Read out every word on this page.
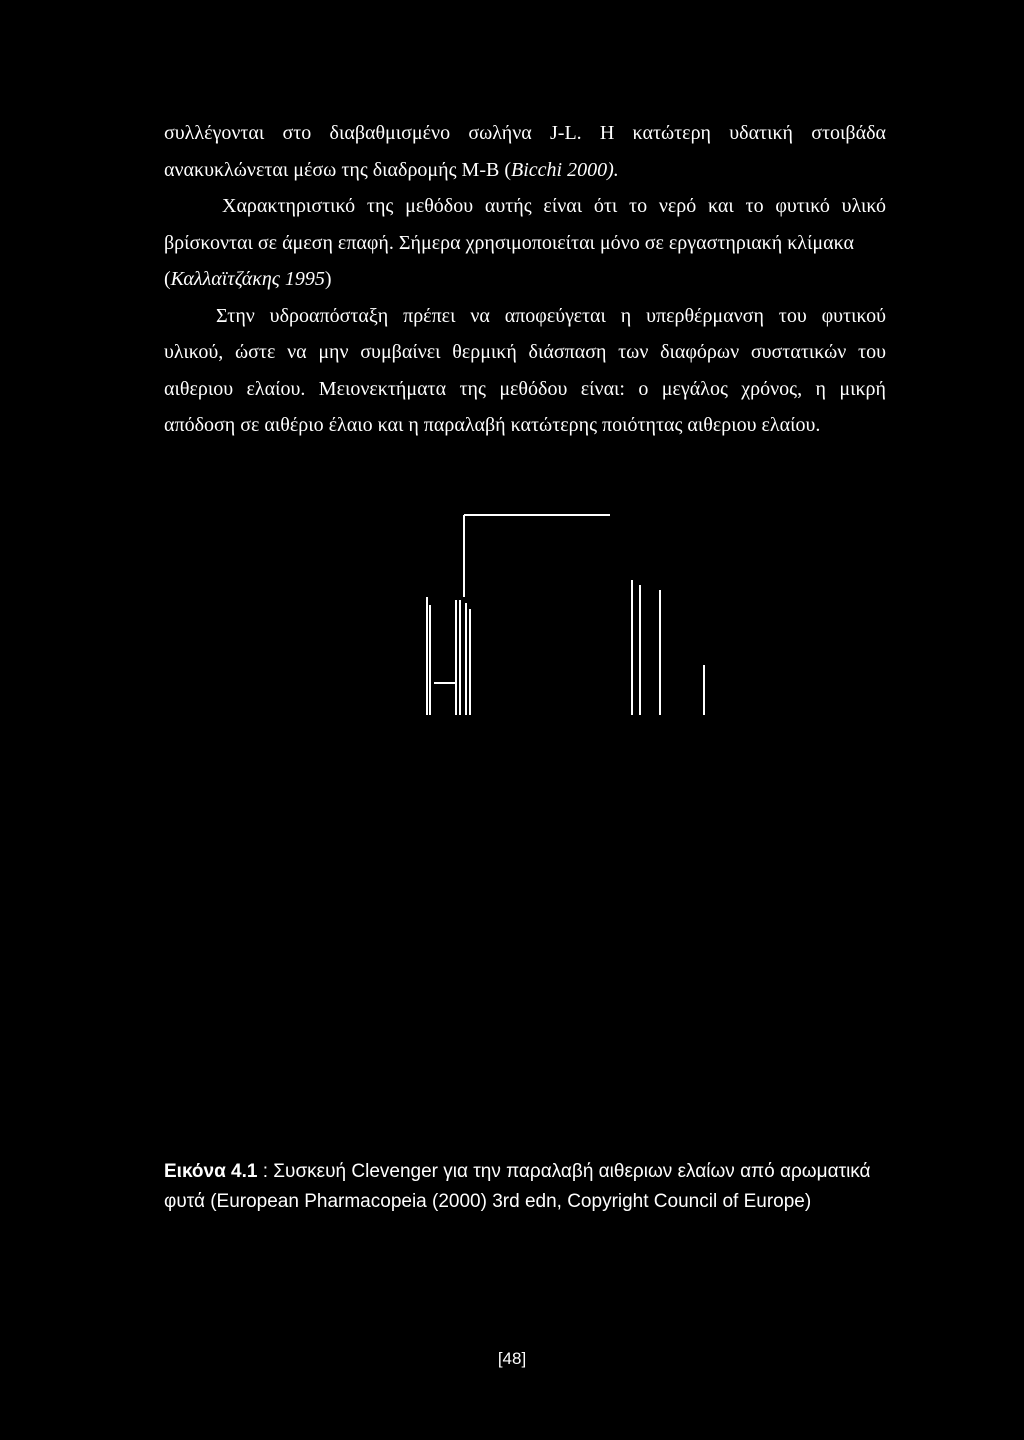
συλλέγονται στο διαβαθμισμένο σωλήνα J-L. Η κατώτερη υδατική στοιβάδα
ανακυκλώνεται μέσω της διαδρομής Μ-Β (Bicchi 2000).
Χαρακτηριστικό της μεθόδου αυτής είναι ότι το νερό και το φυτικό υλικό
βρίσκονται σε άμεση επαφή. Σήμερα χρησιμοποιείται μόνο σε εργαστηριακή κλίμακα
(Καλλαϊτζάκης 1995)
Στην υδροαπόσταξη πρέπει να αποφεύγεται η υπερθέρμανση του φυτικού
υλικού, ώστε να μην συμβαίνει θερμική διάσπαση των διαφόρων συστατικών του
αιθεριου ελαίου. Μειονεκτήματα της μεθόδου είναι: ο μεγάλος χρόνος, η μικρή
απόδοση σε αιθέριο έλαιο και η παραλαβή κατώτερης ποιότητας αιθεριου ελαίου.
Εικόνα 4.1 : Συσκευή Clevenger για την παραλαβή αιθεριων ελαίων από αρωματικά
φυτά (European Pharmacopeia (2000) 3rd edn, Copyright Council of Europe)
[48]
